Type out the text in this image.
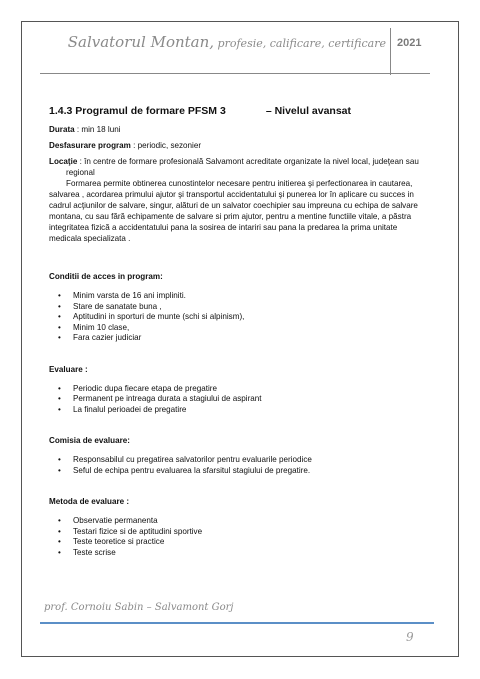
Salvatorul Montan, profesie, calificare, certificare 2021
1.4.3 Programul de formare PFSM 3	– Nivelul avansat
Durata : min 18 luni
Desfasurare program : periodic, sezonier
Locaţie : în centre de formare profesională Salvamont acreditate organizate la nivel local, judeţean sau
regional

Formarea permite obtinerea cunostintelor necesare pentru initierea şi perfectionarea in cautarea, salvarea , acordarea primului ajutor şi transportul accidentatului şi punerea lor în aplicare cu succes in cadrul acţiunilor de salvare, singur, alături de un salvator coechipier sau impreuna cu echipa de salvare montana, cu sau fără echipamente de salvare si prim ajutor, pentru a mentine functiile vitale, a păstra integritatea fizică a accidentatului pana la sosirea de intariri sau pana la predarea la prima unitate medicala specializata .

Conditii de acces in program:
• Minim varsta de 16 ani impliniti.
• Stare de sanatate buna ,
• Aptitudini in sporturi de munte (schi si alpinism),
• Minim 10 clase,
• Fara cazier judiciar
Evaluare :
• Periodic dupa fiecare etapa de pregatire
• Permanent pe intreaga durata a stagiului de aspirant
• La finalul perioadei de pregatire
Comisia de evaluare:
• Responsabilul cu pregatirea salvatorilor pentru evaluarile periodice
• Seful de echipa pentru evaluarea la sfarsitul stagiului de pregatire.
Metoda de evaluare :
• Observatie permanenta
• Testari fizice si de aptitudini sportive
• Teste teoretice si practice
• Teste scrise
prof. Cornoiu Sabin – Salvamont Gorj
9
